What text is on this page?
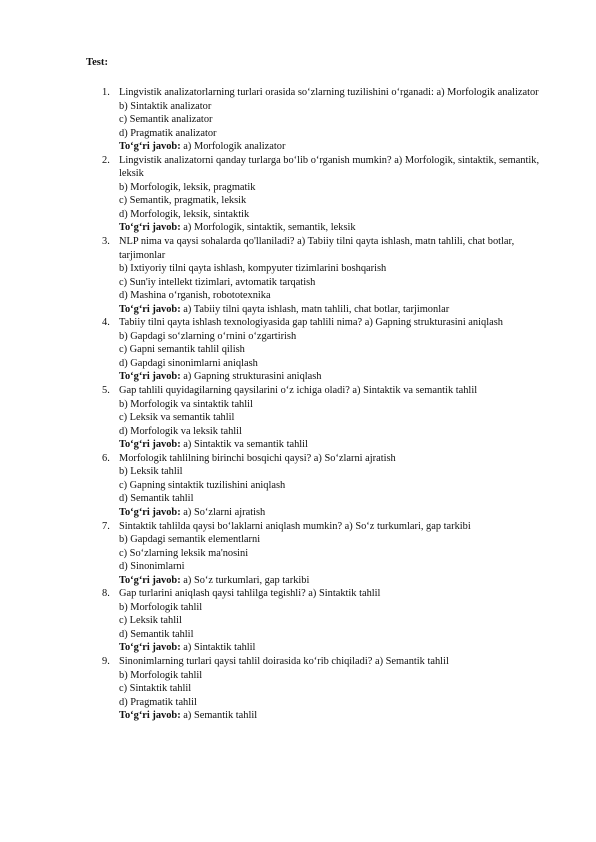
Test:
1. Lingvistik analizatorlarning turlari orasida so‘zlarning tuzilishini o‘rganadi: a) Morfologik analizator
b) Sintaktik analizator
c) Semantik analizator
d) Pragmatik analizator
To‘g‘ri javob: a) Morfologik analizator
2. Lingvistik analizatorni qanday turlarga bo‘lib o‘rganish mumkin? a) Morfologik, sintaktik, semantik, leksik
b) Morfologik, leksik, pragmatik
c) Semantik, pragmatik, leksik
d) Morfologik, leksik, sintaktik
To‘g‘ri javob: a) Morfologik, sintaktik, semantik, leksik
3. NLP nima va qaysi sohalarda qo'llaniladi? a) Tabiiy tilni qayta ishlash, matn tahlili, chat botlar, tarjimonlar
b) Ixtiyoriy tilni qayta ishlash, kompyuter tizimlarini boshqarish
c) Sun'iy intellekt tizimlari, avtomatik tarqatish
d) Mashina o‘rganish, robototexnika
To‘g‘ri javob: a) Tabiiy tilni qayta ishlash, matn tahlili, chat botlar, tarjimonlar
4. Tabiiy tilni qayta ishlash texnologiyasida gap tahlili nima? a) Gapning strukturasini aniqlash
b) Gapdagi so‘zlarning o‘rnini o‘zgartirish
c) Gapni semantik tahlil qilish
d) Gapdagi sinonimlarni aniqlash
To‘g‘ri javob: a) Gapning strukturasini aniqlash
5. Gap tahlili quyidagilarning qaysilarini o‘z ichiga oladi? a) Sintaktik va semantik tahlil
b) Morfologik va sintaktik tahlil
c) Leksik va semantik tahlil
d) Morfologik va leksik tahlil
To‘g‘ri javob: a) Sintaktik va semantik tahlil
6. Morfologik tahlilning birinchi bosqichi qaysi? a) So‘zlarni ajratish
b) Leksik tahlil
c) Gapning sintaktik tuzilishini aniqlash
d) Semantik tahlil
To‘g‘ri javob: a) So‘zlarni ajratish
7. Sintaktik tahlilda qaysi bo‘laklarni aniqlash mumkin? a) So‘z turkumlari, gap tarkibi
b) Gapdagi semantik elementlarni
c) So‘zlarning leksik ma'nosini
d) Sinonimlarni
To‘g‘ri javob: a) So‘z turkumlari, gap tarkibi
8. Gap turlarini aniqlash qaysi tahlilga tegishli? a) Sintaktik tahlil
b) Morfologik tahlil
c) Leksik tahlil
d) Semantik tahlil
To‘g‘ri javob: a) Sintaktik tahlil
9. Sinonimlarning turlari qaysi tahlil doirasida ko‘rib chiqiladi? a) Semantik tahlil
b) Morfologik tahlil
c) Sintaktik tahlil
d) Pragmatik tahlil
To‘g‘ri javob: a) Semantik tahlil
